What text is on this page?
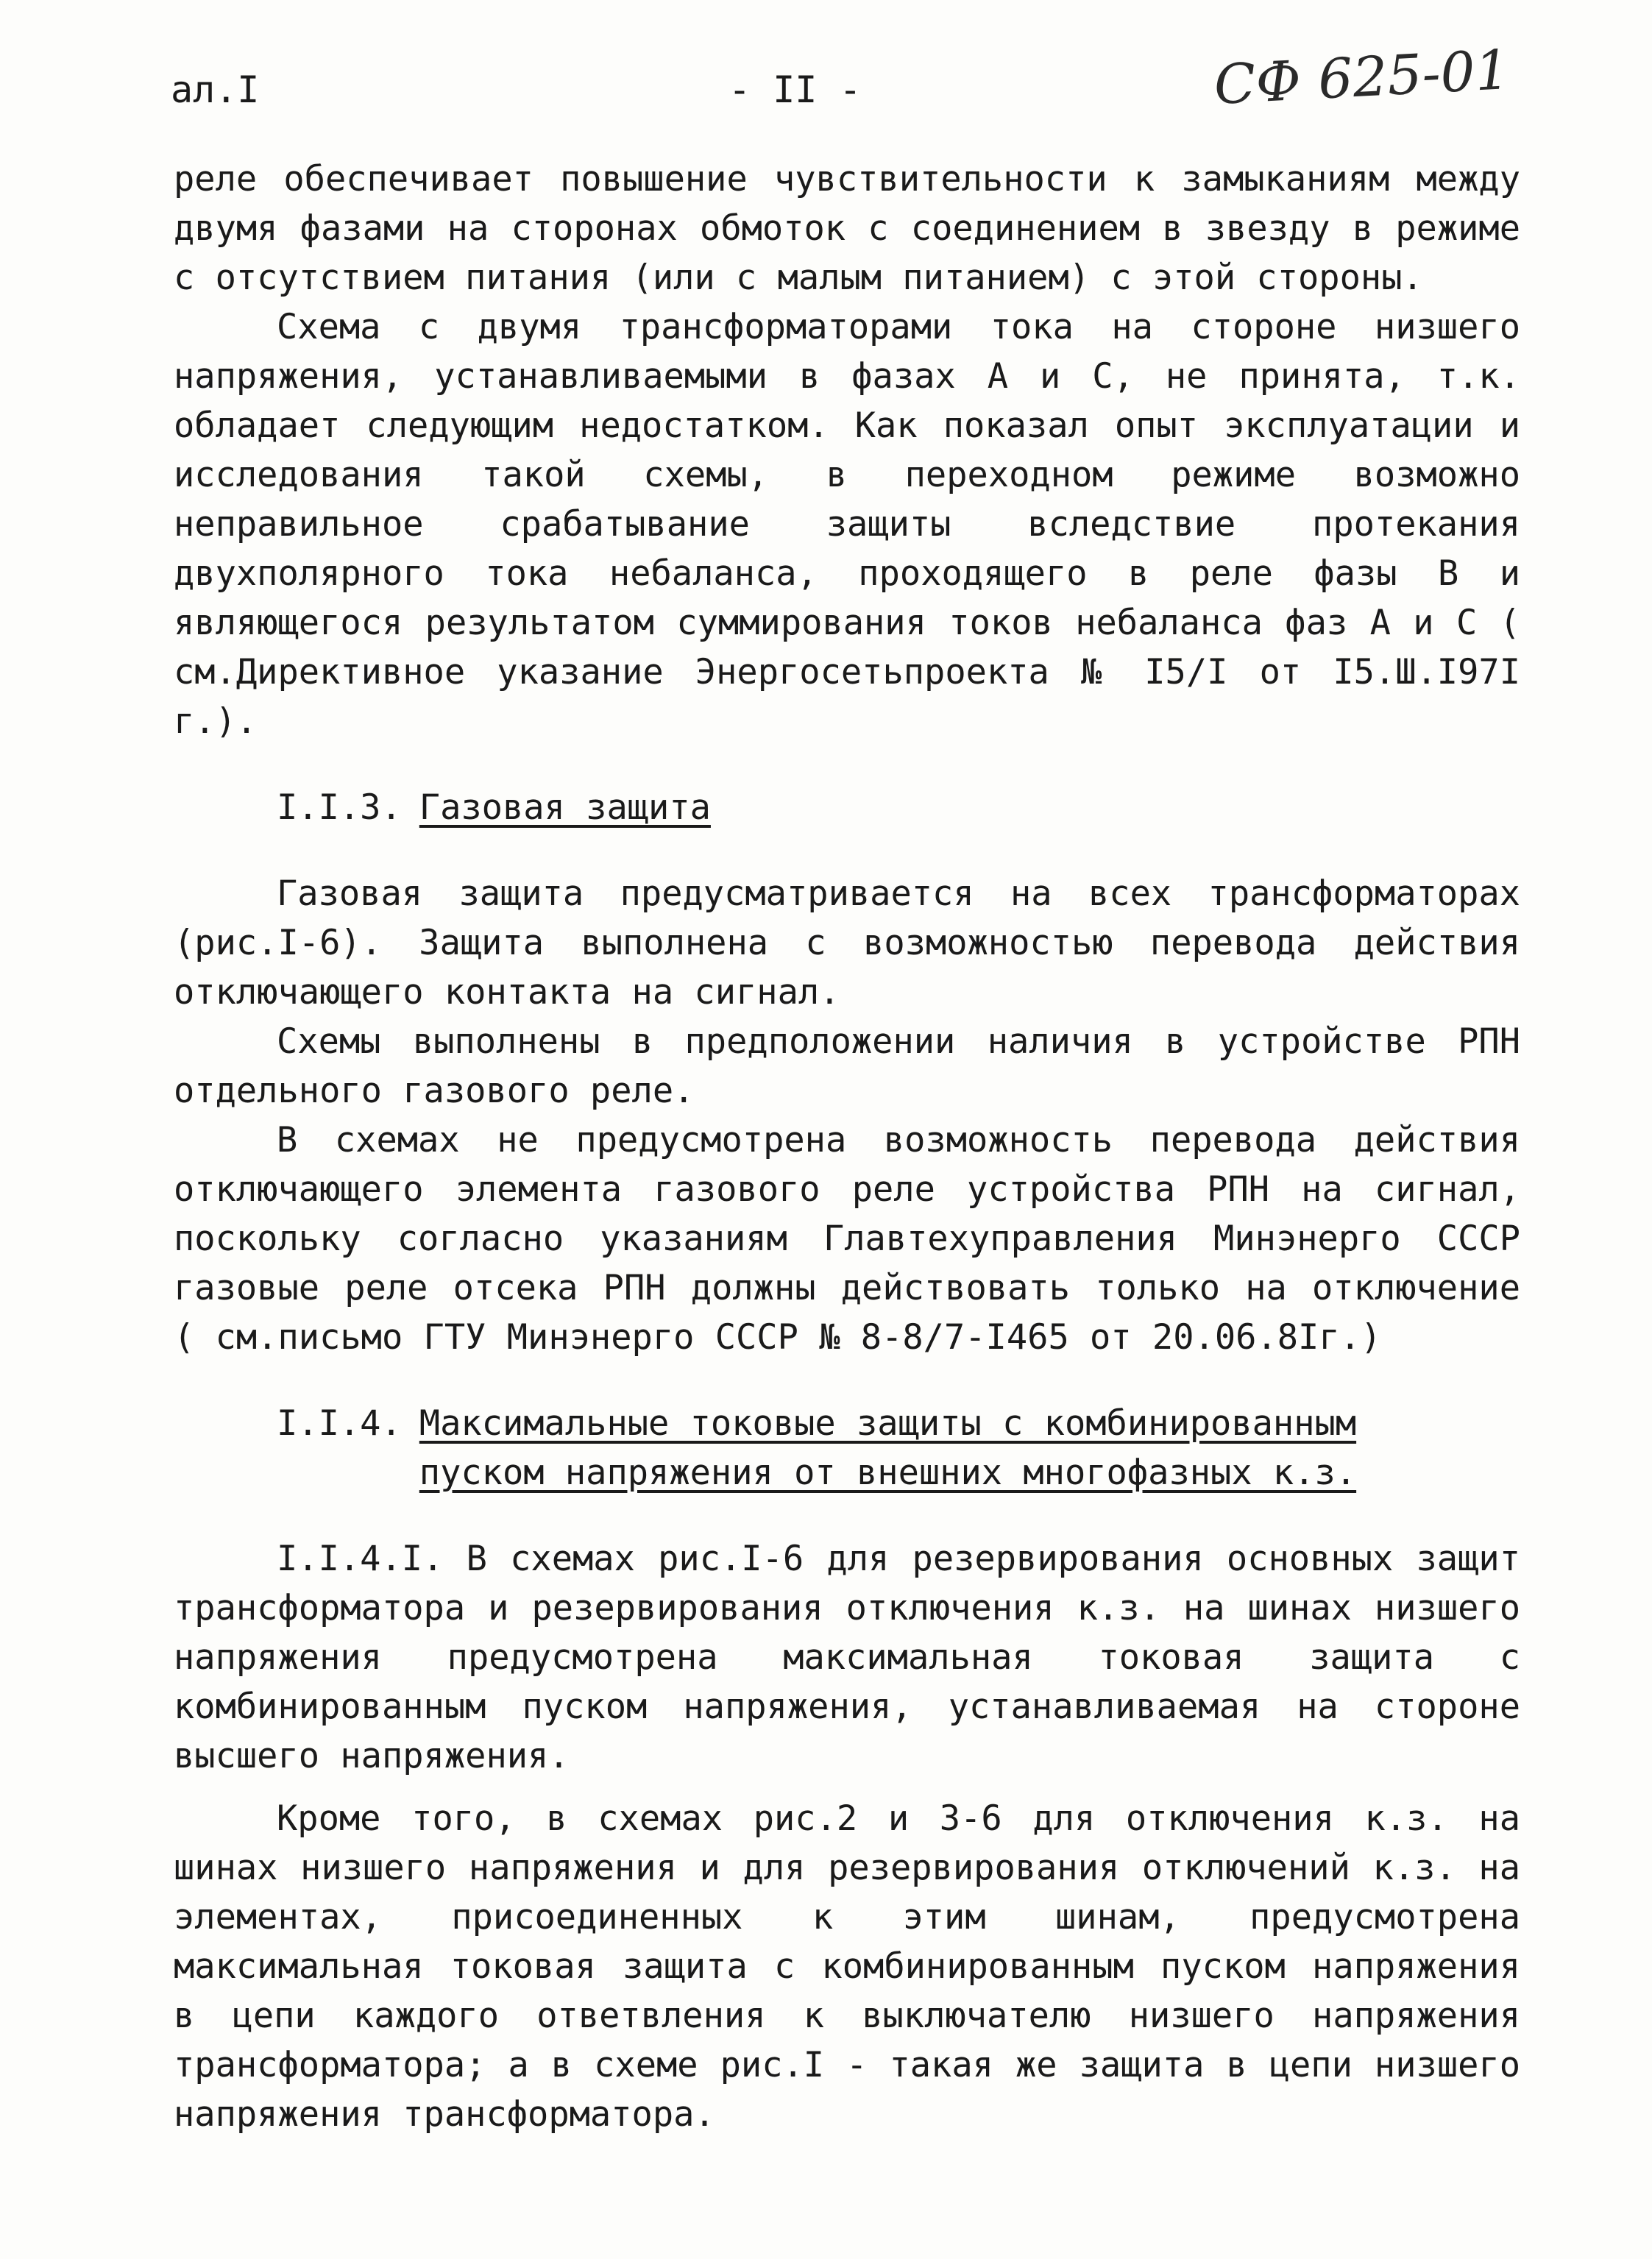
ал.I	- II -	СФ 625-01

реле обеспечивает повышение чувствительности к замыканиям между двумя фазами на сторонах обмоток с соединением в звезду в режиме с отсутствием питания (или с малым питанием) с этой стороны.

Схема с двумя трансформаторами тока на стороне низшего напряжения, устанавливаемыми в фазах А и С, не принята, т.к. обладает следующим недостатком. Как показал опыт эксплуатации и исследования такой схемы, в переходном режиме возможно неправильное срабатывание защиты вследствие протекания двухполярного тока небаланса, проходящего в реле фазы В и являющегося результатом суммирования токов небаланса фаз А и С ( см.Директивное указание Энергосетьпроекта № I5/I от I5.Ш.I97I г.).

I.I.3. Газовая защита

Газовая защита предусматривается на всех трансформаторах (рис.I-6). Защита выполнена с возможностью перевода действия отключающего контакта на сигнал.

Схемы выполнены в предположении наличия в устройстве РПН отдельного газового реле.

В схемах не предусмотрена возможность перевода действия отключающего элемента газового реле устройства РПН на сигнал, поскольку согласно указаниям Главтехуправления Минэнерго СССР газовые реле отсека РПН должны действовать только на отключение ( см.письмо ГТУ Минэнерго СССР № 8-8/7-I465 от 20.06.8Iг.)

I.I.4. Максимальные токовые защиты с комбинированным
пуском напряжения от внешних многофазных к.з.

I.I.4.I. В схемах рис.I-6 для резервирования основных защит трансформатора и резервирования отключения к.з. на шинах низшего напряжения предусмотрена максимальная токовая защита с комбинированным пуском напряжения, устанавливаемая на стороне высшего напряжения.

Кроме того, в схемах рис.2 и 3-6 для отключения к.з. на шинах низшего напряжения и для резервирования отключений к.з. на элементах, присоединенных к этим шинам, предусмотрена максимальная токовая защита с комбинированным пуском напряжения в цепи каждого ответвления к выключателю низшего напряжения трансформатора; а в схеме рис.I - такая же защита в цепи низшего напряжения трансформатора.
